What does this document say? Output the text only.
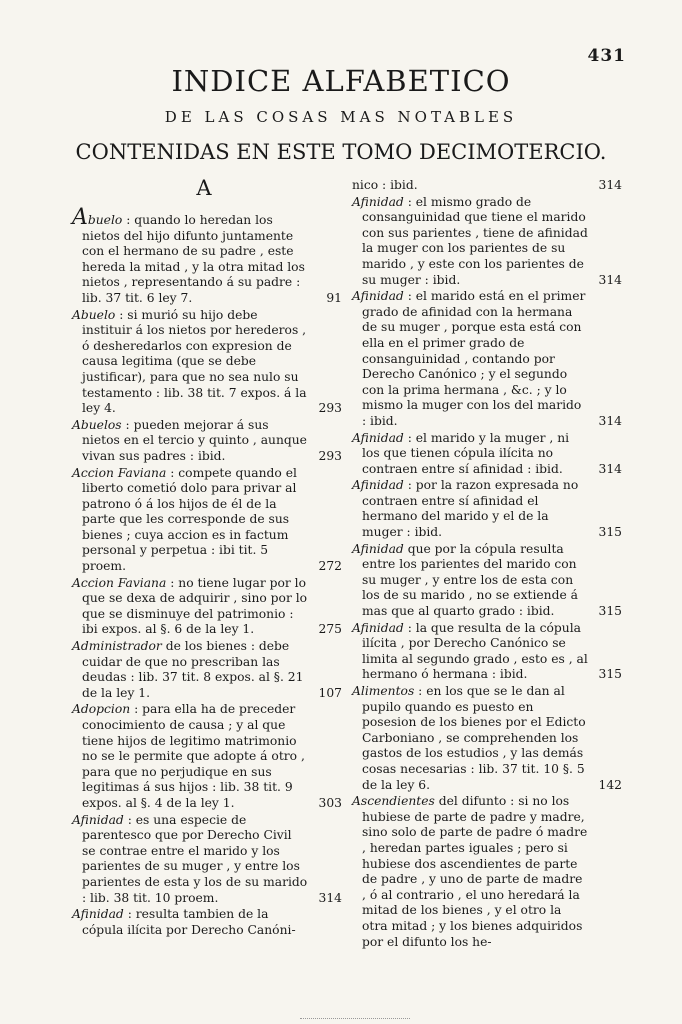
431
INDICE ALFABETICO
DE LAS COSAS MAS NOTABLES
CONTENIDAS EN ESTE TOMO DECIMOTERCIO.
A

Abuelo : quando lo heredan los nietos del hijo difunto juntamente con el hermano de su padre , este hereda la mitad , y la otra mitad los nietos , representando á su padre : lib. 37 tit. 6 ley 7.	91

Abuelo : si murió su hijo debe instituir á los nietos por herederos , ó desheredarlos con expresion de causa legitima (que se debe justificar), para que no sea nulo su testamento : lib. 38 tit. 7 expos. á la ley 4.	293

Abuelos : pueden mejorar á sus nietos en el tercio y quinto , aunque vivan sus padres : ibid.	293

Accion Faviana : compete quando el liberto cometió dolo para privar al patrono ó á los hijos de él de la parte que les corresponde de sus bienes ; cuya accion es in factum personal y perpetua : ibi tit. 5 proem.	272

Accion Faviana : no tiene lugar por lo que se dexa de adquirir , sino por lo que se disminuye del patrimonio : ibi expos. al §. 6 de la ley 1.	275

Administrador de los bienes : debe cuidar de que no prescriban las deudas : lib. 37 tit. 8 expos. al §. 21 de la ley 1.	107

Adopcion : para ella ha de preceder conocimiento de causa ; y al que tiene hijos de legitimo matrimonio no se le permite que adopte á otro , para que no perjudique en sus legitimas á sus hijos : lib. 38 tit. 9 expos. al §. 4 de la ley 1.	303

Afinidad : es una especie de parentesco que por Derecho Civil se contrae entre el marido y los parientes de su muger , y entre los parientes de esta y los de su marido : lib. 38 tit. 10 proem.	314

Afinidad : resulta tambien de la cópula ilícita por Derecho Canóni-

nico : ibid.	314

Afinidad : el mismo grado de consanguinidad que tiene el marido con sus parientes , tiene de afinidad la muger con los parientes de su marido , y este con los parientes de su muger : ibid.	314

Afinidad : el marido está en el primer grado de afinidad con la hermana de su muger , porque esta está con ella en el primer grado de consanguinidad , contando por Derecho Canónico ; y el segundo con la prima hermana , &c. ; y lo mismo la muger con los del marido : ibid.	314

Afinidad : el marido y la muger , ni los que tienen cópula ilícita no contraen entre sí afinidad : ibid.	314

Afinidad : por la razon expresada no contraen entre sí afinidad el hermano del marido y el de la muger : ibid.	315

Afinidad que por la cópula resulta entre los parientes del marido con su muger , y entre los de esta con los de su marido , no se extiende á mas que al quarto grado : ibid.	315

Afinidad : la que resulta de la cópula ilícita , por Derecho Canónico se limita al segundo grado , esto es , al hermano ó hermana : ibid.	315

Alimentos : en los que se le dan al pupilo quando es puesto en posesion de los bienes por el Edicto Carboniano , se comprehenden los gastos de los estudios , y las demás cosas necesarias : lib. 37 tit. 10 §. 5 de la ley 6.	142

Ascendientes del difunto : si no los hubiese de parte de padre y madre, sino solo de parte de padre ó madre , heredan partes iguales ; pero si hubiese dos ascendientes de parte de padre , y uno de parte de madre , ó al contrario , el uno heredará la mitad de los bienes , y el otro la otra mitad ; y los bienes adquiridos por el difunto los he-
